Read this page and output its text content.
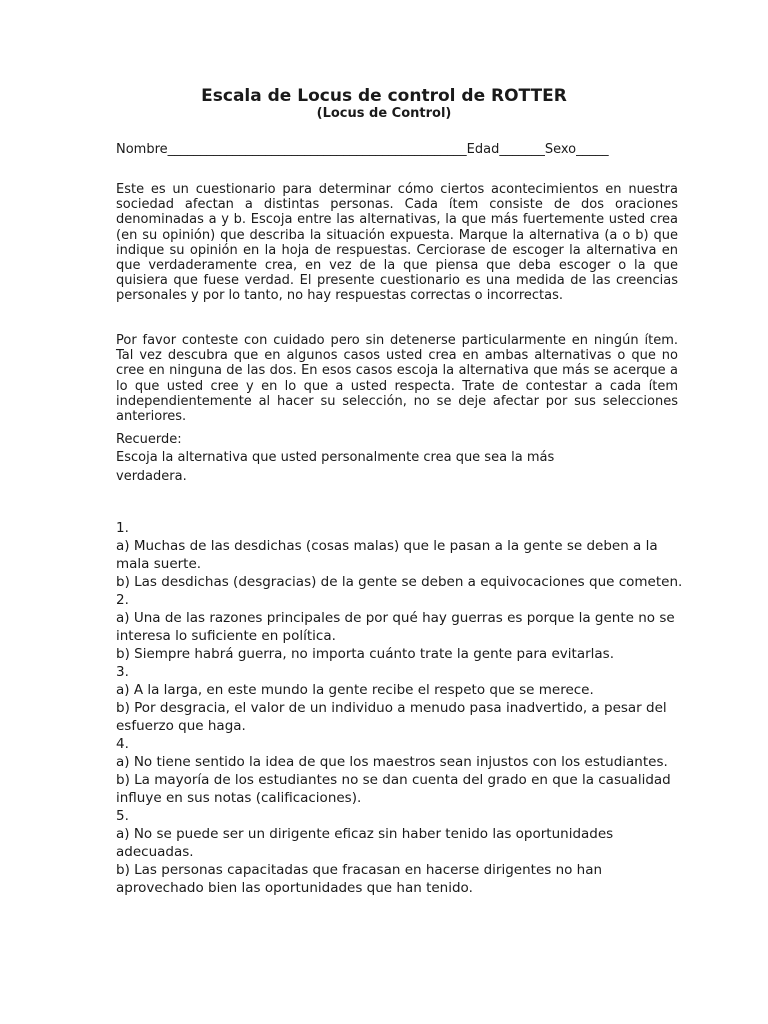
Escala de Locus de control de ROTTER
(Locus de Control)

Nombre______________________________________________Edad_______Sexo_____

Este es un cuestionario para determinar cómo ciertos acontecimientos en nuestra sociedad afectan a distintas personas. Cada ítem consiste de dos oraciones denominadas a y b. Escoja entre las alternativas, la que más fuertemente usted crea (en su opinión) que describa la situación expuesta. Marque la alternativa (a o b) que indique su opinión en la hoja de respuestas. Cerciorase de escoger la alternativa en que verdaderamente crea, en vez de la que piensa que deba escoger o la que quisiera que fuese verdad. El presente cuestionario es una medida de las creencias personales y por lo tanto, no hay respuestas correctas o incorrectas.

Por favor conteste con cuidado pero sin detenerse particularmente en ningún ítem. Tal vez descubra que en algunos casos usted crea en ambas alternativas o que no cree en ninguna de las dos. En esos casos escoja la alternativa que más se acerque a lo que usted cree y en lo que a usted respecta. Trate de contestar a cada ítem independientemente al hacer su selección, no se deje afectar por sus selecciones anteriores.

Recuerde:

Escoja la alternativa que usted personalmente crea que sea la más verdadera.

1.
a) Muchas de las desdichas (cosas malas) que le pasan a la gente se deben a la mala suerte.
b) Las desdichas (desgracias) de la gente se deben a equivocaciones que cometen.
2.
a) Una de las razones principales de por qué hay guerras es porque la gente no se interesa lo suficiente en política.
b) Siempre habrá guerra, no importa cuánto trate la gente para evitarlas.
3.
a) A la larga, en este mundo la gente recibe el respeto que se merece.
b) Por desgracia, el valor de un individuo a menudo pasa inadvertido, a pesar del esfuerzo que haga.
4.
a) No tiene sentido la idea de que los maestros sean injustos con los estudiantes.
b) La mayoría de los estudiantes no se dan cuenta del grado en que la casualidad influye en sus notas (calificaciones).
5.
a) No se puede ser un dirigente eficaz sin haber tenido las oportunidades adecuadas.
b) Las personas capacitadas que fracasan en hacerse dirigentes no han aprovechado bien las oportunidades que han tenido.
